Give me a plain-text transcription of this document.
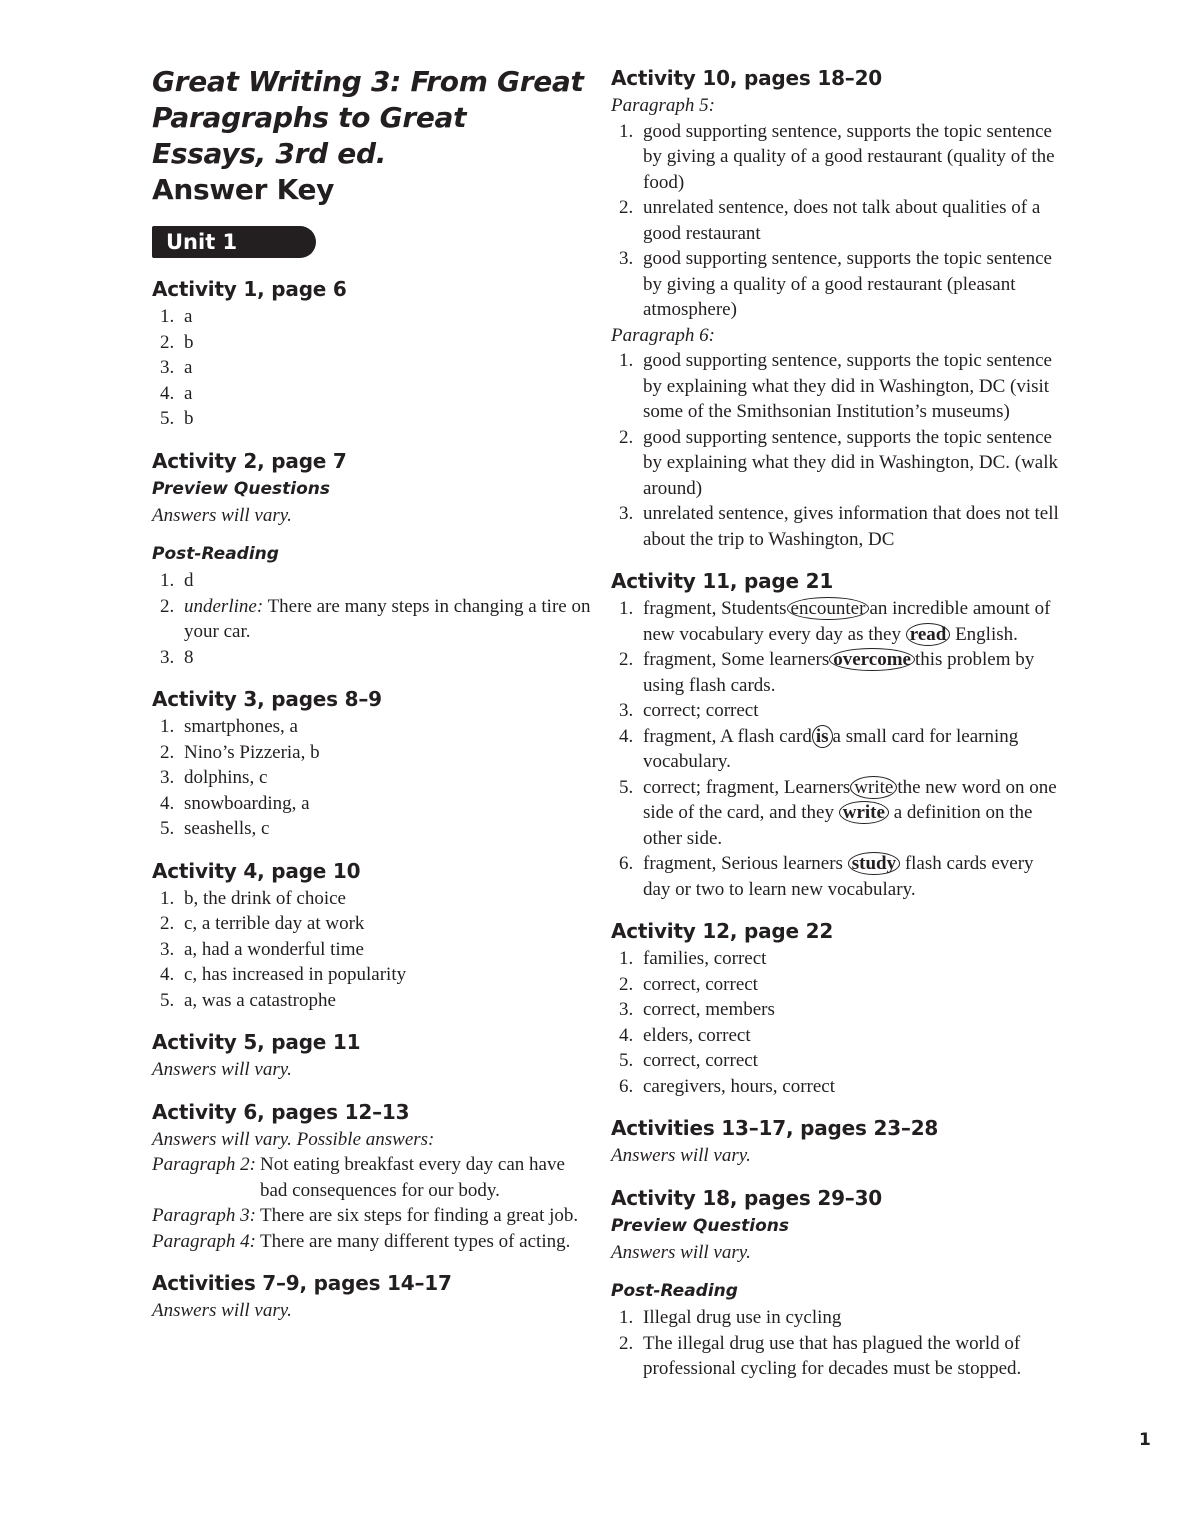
Great Writing 3: From Great
Paragraphs to Great
Essays, 3rd ed.
Answer Key
Unit 1
Activity 1, page 6
1. a
2. b
3. a
4. a
5. b
Activity 2, page 7
Preview Questions
Answers will vary.
Post-Reading
1. d
2. underline: There are many steps in changing a tire on your car.
3. 8
Activity 3, pages 8–9
1. smartphones, a
2. Nino’s Pizzeria, b
3. dolphins, c
4. snowboarding, a
5. seashells, c
Activity 4, page 10
1. b, the drink of choice
2. c, a terrible day at work
3. a, had a wonderful time
4. c, has increased in popularity
5. a, was a catastrophe
Activity 5, page 11
Answers will vary.
Activity 6, pages 12–13
Answers will vary. Possible answers:
Paragraph 2: Not eating breakfast every day can have bad consequences for our body.
Paragraph 3: There are six steps for finding a great job.
Paragraph 4: There are many different types of acting.
Activities 7–9, pages 14–17
Answers will vary.
Activity 10, pages 18–20
Paragraph 5:
1. good supporting sentence, supports the topic sentence by giving a quality of a good restaurant (quality of the food)
2. unrelated sentence, does not talk about qualities of a good restaurant
3. good supporting sentence, supports the topic sentence by giving a quality of a good restaurant (pleasant atmosphere)
Paragraph 6:
1. good supporting sentence, supports the topic sentence by explaining what they did in Washington, DC (visit some of the Smithsonian Institution’s museums)
2. good supporting sentence, supports the topic sentence by explaining what they did in Washington, DC. (walk around)
3. unrelated sentence, gives information that does not tell about the trip to Washington, DC
Activity 11, page 21
1. fragment, Students encounter an incredible amount of new vocabulary every day as they read English.
2. fragment, Some learners overcome this problem by using flash cards.
3. correct; correct
4. fragment, A flash card is a small card for learning vocabulary.
5. correct; fragment, Learners write the new word on one side of the card, and they write a definition on the other side.
6. fragment, Serious learners study flash cards every day or two to learn new vocabulary.
Activity 12, page 22
1. families, correct
2. correct, correct
3. correct, members
4. elders, correct
5. correct, correct
6. caregivers, hours, correct
Activities 13–17, pages 23–28
Answers will vary.
Activity 18, pages 29–30
Preview Questions
Answers will vary.
Post-Reading
1. Illegal drug use in cycling
2. The illegal drug use that has plagued the world of professional cycling for decades must be stopped.
1
